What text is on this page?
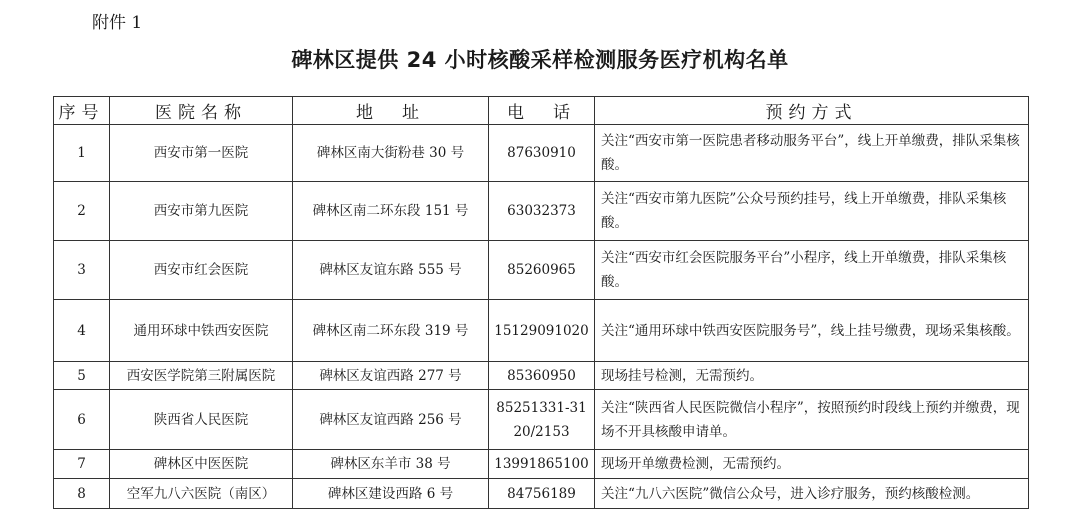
附件 1
碑林区提供 24 小时核酸采样检测服务医疗机构名单
序号	医院名称	地　址	电　话	预约方式
1	西安市第一医院	碑林区南大街粉巷 30 号	87630910	关注“西安市第一医院患者移动服务平台”，线上开单缴费，排队采集核酸。
2	西安市第九医院	碑林区南二环东段 151 号	63032373	关注“西安市第九医院”公众号预约挂号，线上开单缴费，排队采集核酸。
3	西安市红会医院	碑林区友谊东路 555 号	85260965	关注“西安市红会医院服务平台”小程序，线上开单缴费，排队采集核酸。
4	通用环球中铁西安医院	碑林区南二环东段 319 号	15129091020	关注“通用环球中铁西安医院服务号”，线上挂号缴费，现场采集核酸。
5	西安医学院第三附属医院	碑林区友谊西路 277 号	85360950	现场挂号检测，无需预约。
6	陕西省人民医院	碑林区友谊西路 256 号	85251331-3120/2153	关注“陕西省人民医院微信小程序”，按照预约时段线上预约并缴费，现场不开具核酸申请单。
7	碑林区中医医院	碑林区东羊市 38 号	13991865100	现场开单缴费检测，无需预约。
8	空军九八六医院（南区）	碑林区建设西路 6 号	84756189	关注“九八六医院”微信公众号，进入诊疗服务，预约核酸检测。
